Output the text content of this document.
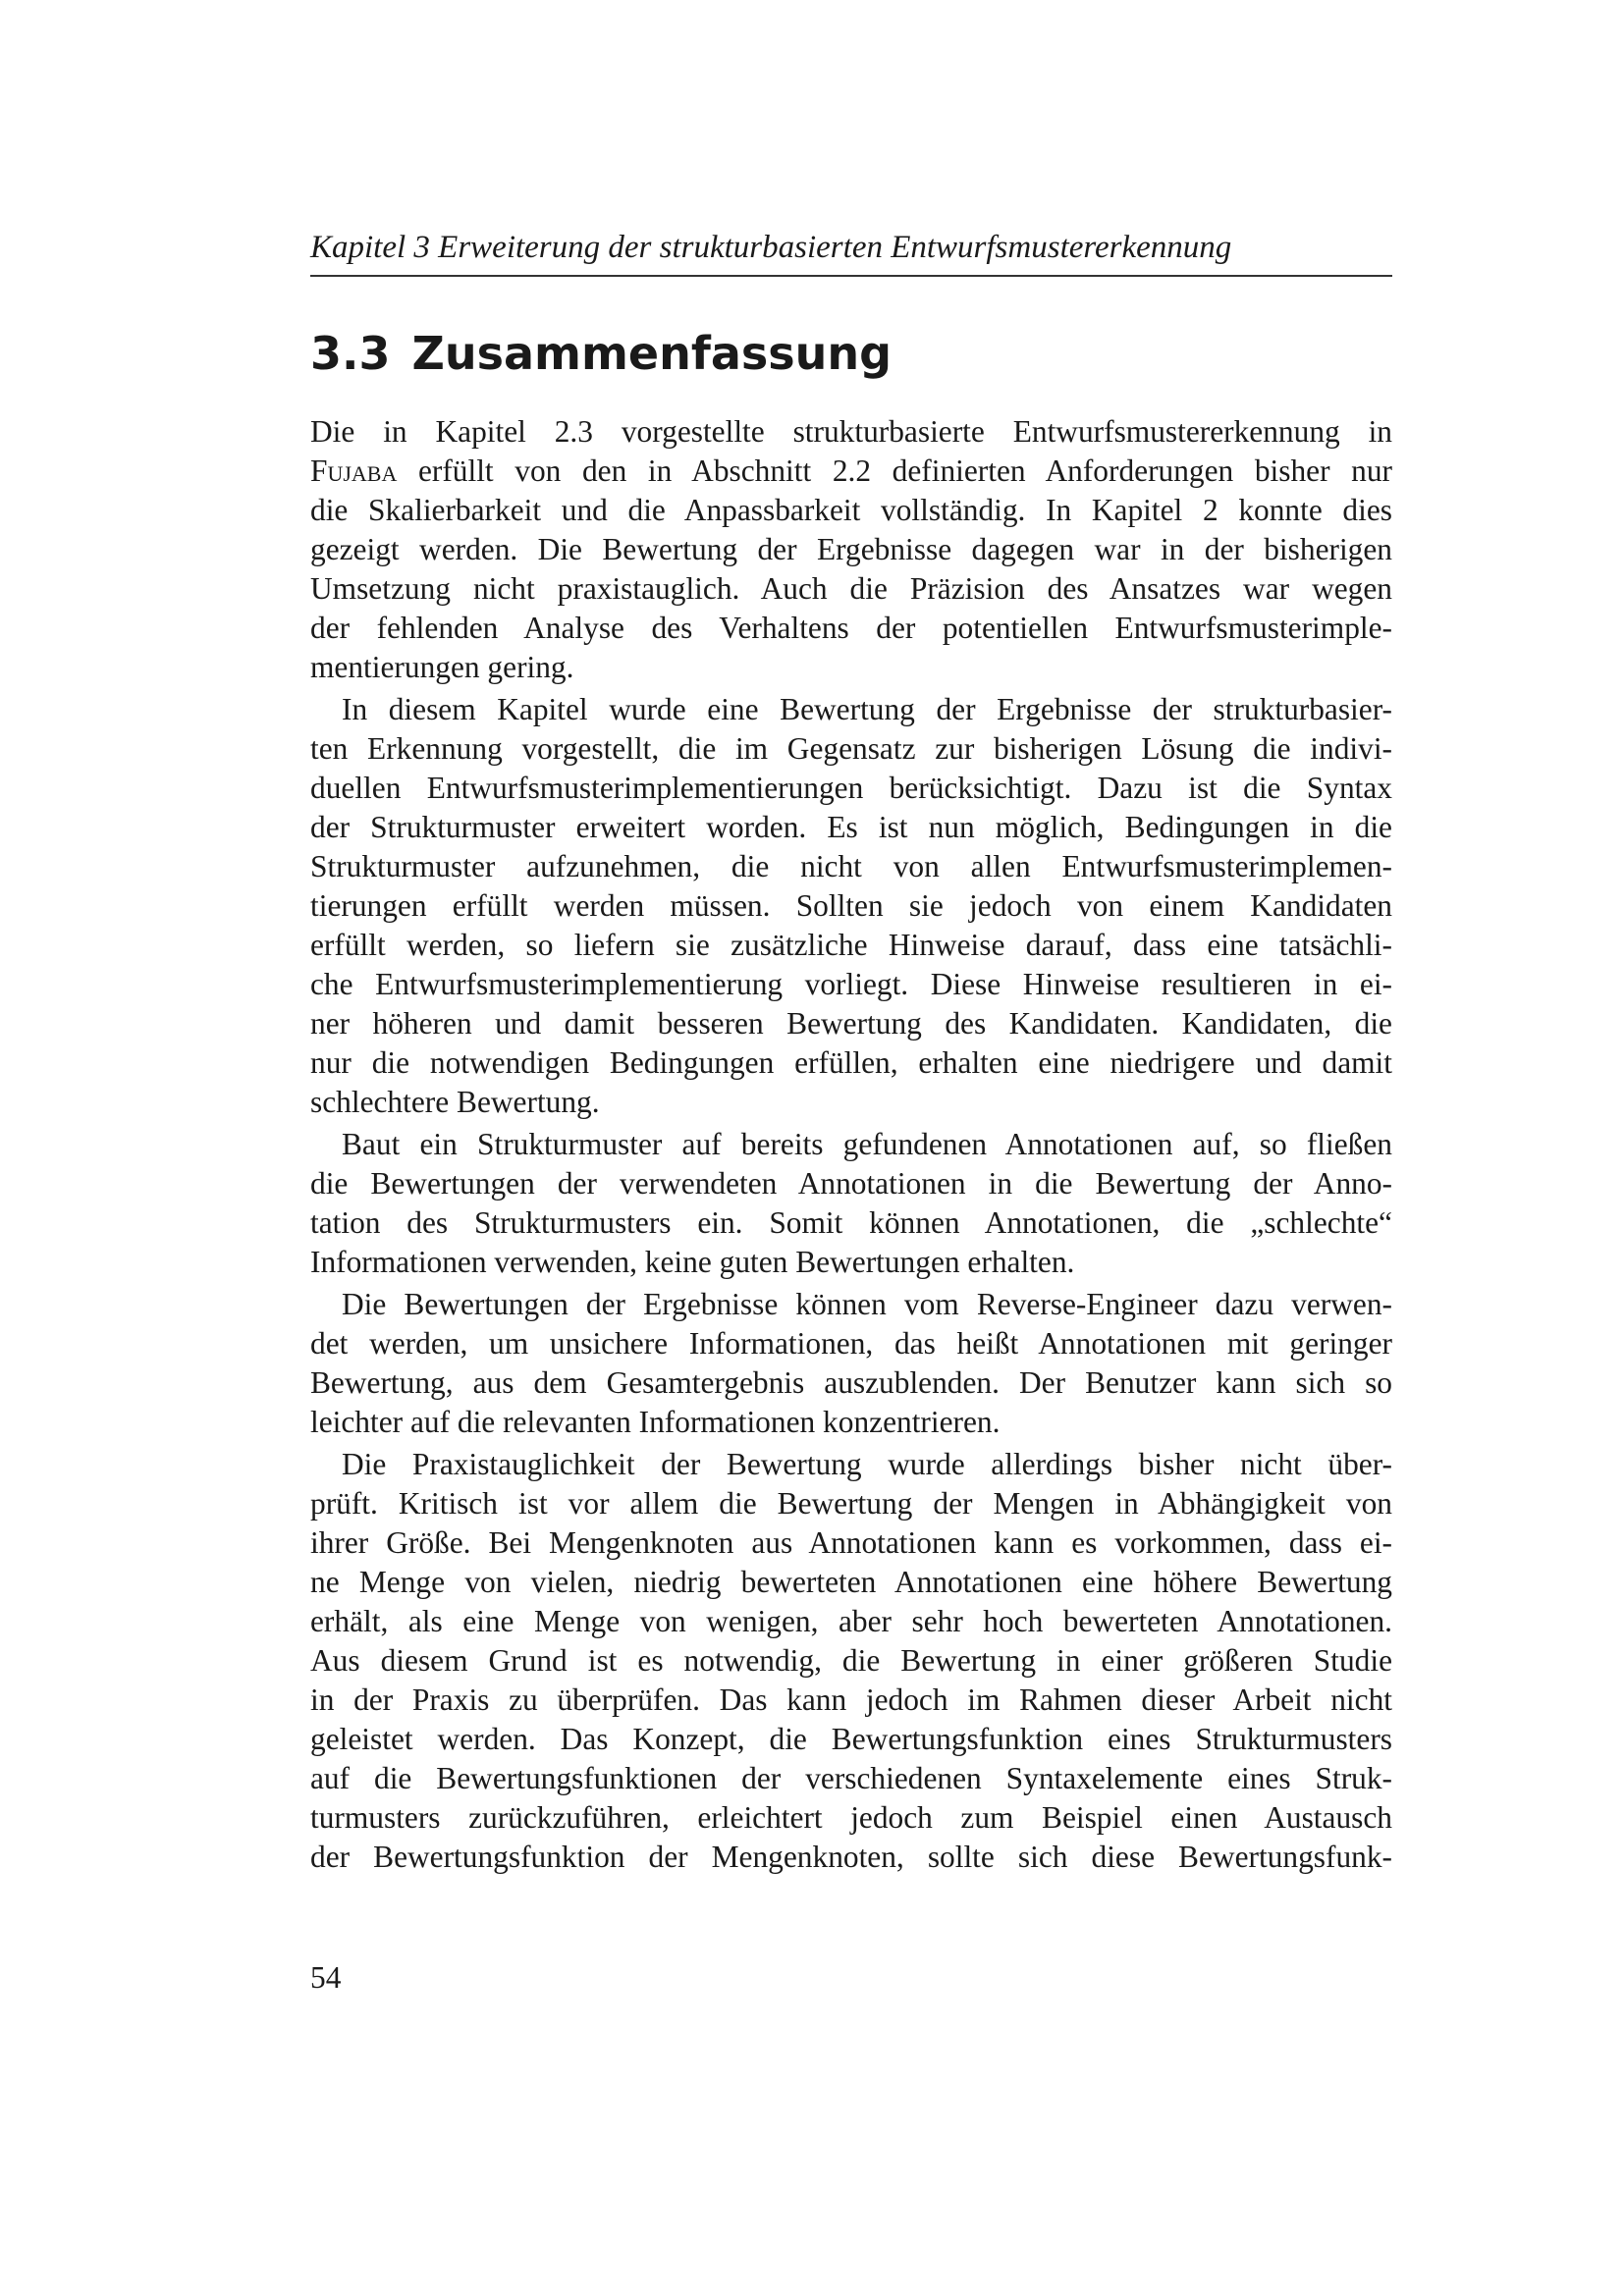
Kapitel 3 Erweiterung der strukturbasierten Entwurfsmustererkennung
3.3 Zusammenfassung

Die in Kapitel 2.3 vorgestellte strukturbasierte Entwurfsmustererkennung in
Fujaba erfüllt von den in Abschnitt 2.2 definierten Anforderungen bisher nur
die Skalierbarkeit und die Anpassbarkeit vollständig. In Kapitel 2 konnte dies
gezeigt werden. Die Bewertung der Ergebnisse dagegen war in der bisherigen
Umsetzung nicht praxistauglich. Auch die Präzision des Ansatzes war wegen
der fehlenden Analyse des Verhaltens der potentiellen Entwurfsmusterimple-
mentierungen gering.

In diesem Kapitel wurde eine Bewertung der Ergebnisse der strukturbasier-
ten Erkennung vorgestellt, die im Gegensatz zur bisherigen Lösung die indivi-
duellen Entwurfsmusterimplementierungen berücksichtigt. Dazu ist die Syntax
der Strukturmuster erweitert worden. Es ist nun möglich, Bedingungen in die
Strukturmuster aufzunehmen, die nicht von allen Entwurfsmusterimplemen-
tierungen erfüllt werden müssen. Sollten sie jedoch von einem Kandidaten
erfüllt werden, so liefern sie zusätzliche Hinweise darauf, dass eine tatsächli-
che Entwurfsmusterimplementierung vorliegt. Diese Hinweise resultieren in ei-
ner höheren und damit besseren Bewertung des Kandidaten. Kandidaten, die
nur die notwendigen Bedingungen erfüllen, erhalten eine niedrigere und damit
schlechtere Bewertung.

Baut ein Strukturmuster auf bereits gefundenen Annotationen auf, so fließen
die Bewertungen der verwendeten Annotationen in die Bewertung der Anno-
tation des Strukturmusters ein. Somit können Annotationen, die „schlechte“
Informationen verwenden, keine guten Bewertungen erhalten.

Die Bewertungen der Ergebnisse können vom Reverse-Engineer dazu verwen-
det werden, um unsichere Informationen, das heißt Annotationen mit geringer
Bewertung, aus dem Gesamtergebnis auszublenden. Der Benutzer kann sich so
leichter auf die relevanten Informationen konzentrieren.

Die Praxistauglichkeit der Bewertung wurde allerdings bisher nicht über-
prüft. Kritisch ist vor allem die Bewertung der Mengen in Abhängigkeit von
ihrer Größe. Bei Mengenknoten aus Annotationen kann es vorkommen, dass ei-
ne Menge von vielen, niedrig bewerteten Annotationen eine höhere Bewertung
erhält, als eine Menge von wenigen, aber sehr hoch bewerteten Annotationen.
Aus diesem Grund ist es notwendig, die Bewertung in einer größeren Studie
in der Praxis zu überprüfen. Das kann jedoch im Rahmen dieser Arbeit nicht
geleistet werden. Das Konzept, die Bewertungsfunktion eines Strukturmusters
auf die Bewertungsfunktionen der verschiedenen Syntaxelemente eines Struk-
turmusters zurückzuführen, erleichtert jedoch zum Beispiel einen Austausch
der Bewertungsfunktion der Mengenknoten, sollte sich diese Bewertungsfunk-

54
